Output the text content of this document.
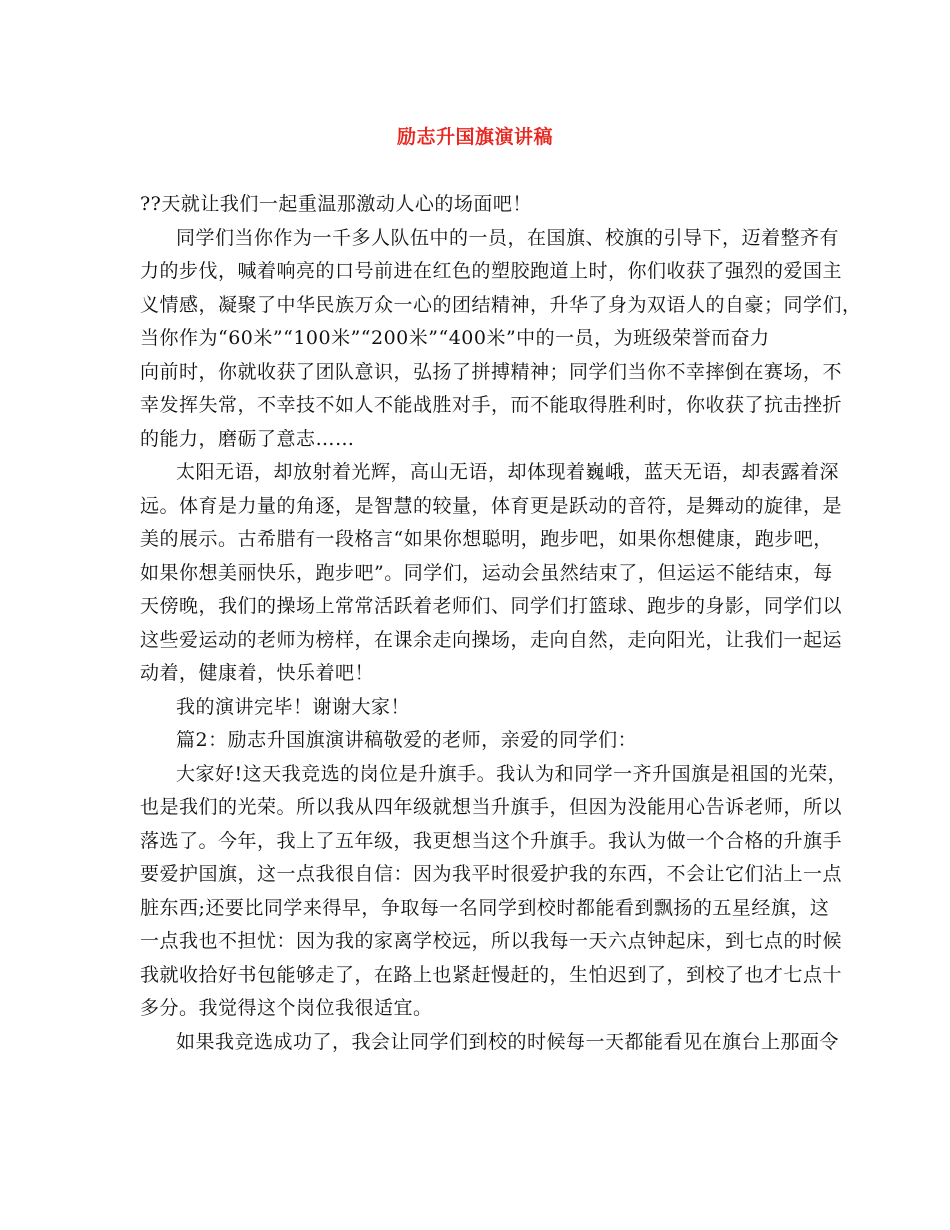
励志升国旗演讲稿
??天就让我们一起重温那激动人心的场面吧！
同学们当你作为一千多人队伍中的一员，在国旗、校旗的引导下，迈着整齐有
力的步伐，喊着响亮的口号前进在红色的塑胶跑道上时，你们收获了强烈的爱国主
义情感，凝聚了中华民族万众一心的团结精神，升华了身为双语人的自豪；同学们，
当你作为“60米”“100米”“200米”“400米”中的一员，为班级荣誉而奋力
向前时，你就收获了团队意识，弘扬了拼搏精神；同学们当你不幸摔倒在赛场，不
幸发挥失常，不幸技不如人不能战胜对手，而不能取得胜利时，你收获了抗击挫折
的能力，磨砺了意志……
太阳无语，却放射着光辉，高山无语，却体现着巍峨，蓝天无语，却表露着深
远。体育是力量的角逐，是智慧的较量，体育更是跃动的音符，是舞动的旋律，是
美的展示。古希腊有一段格言“如果你想聪明，跑步吧，如果你想健康，跑步吧，
如果你想美丽快乐，跑步吧”。同学们，运动会虽然结束了，但运运不能结束，每
天傍晚，我们的操场上常常活跃着老师们、同学们打篮球、跑步的身影，同学们以
这些爱运动的老师为榜样，在课余走向操场，走向自然，走向阳光，让我们一起运
动着，健康着，快乐着吧！
我的演讲完毕！谢谢大家！
篇2：励志升国旗演讲稿敬爱的老师，亲爱的同学们：
大家好!这天我竞选的岗位是升旗手。我认为和同学一齐升国旗是祖国的光荣，
也是我们的光荣。所以我从四年级就想当升旗手，但因为没能用心告诉老师，所以
落选了。今年，我上了五年级，我更想当这个升旗手。我认为做一个合格的升旗手
要爱护国旗，这一点我很自信：因为我平时很爱护我的东西，不会让它们沾上一点
脏东西;还要比同学来得早，争取每一名同学到校时都能看到飘扬的五星经旗，这
一点我也不担忧：因为我的家离学校远，所以我每一天六点钟起床，到七点的时候
我就收拾好书包能够走了，在路上也紧赶慢赶的，生怕迟到了，到校了也才七点十
多分。我觉得这个岗位我很适宜。
如果我竞选成功了，我会让同学们到校的时候每一天都能看见在旗台上那面令
